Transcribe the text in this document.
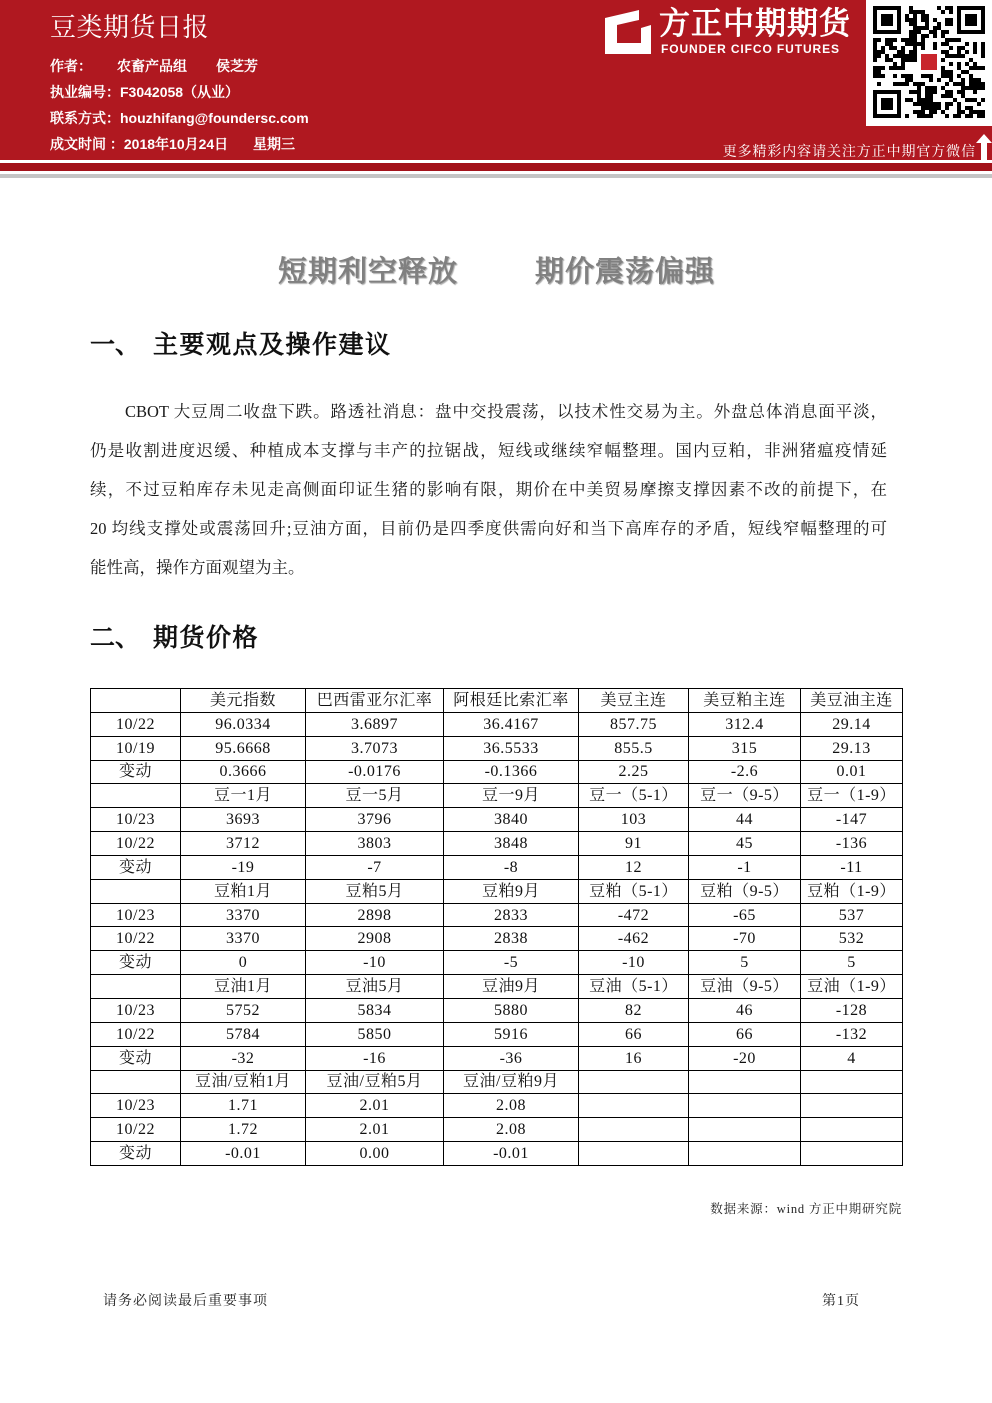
豆类期货日报
作者： 农畜产品组 侯芝芳
执业编号：F3042058（从业）
联系方式：houzhifang@foundersc.com
成文时间 ：2018年10月24日 星期三
方正中期期货
FOUNDER CIFCO FUTURES
更多精彩内容请关注方正中期官方微信
短期利空释放	期价震荡偏强
一、 主要观点及操作建议
CBOT 大豆周二收盘下跌。路透社消息：盘中交投震荡，以技术性交易为主。外盘总体消息面平淡，
仍是收割进度迟缓、种植成本支撑与丰产的拉锯战，短线或继续窄幅整理。国内豆粕，非洲猪瘟疫情延
续，不过豆粕库存未见走高侧面印证生猪的影响有限，期价在中美贸易摩擦支撑因素不改的前提下，在
20 均线支撑处或震荡回升;豆油方面，目前仍是四季度供需向好和当下高库存的矛盾，短线窄幅整理的可
能性高，操作方面观望为主。
二、 期货价格
	美元指数	巴西雷亚尔汇率	阿根廷比索汇率	美豆主连	美豆粕主连	美豆油主连
10/22	96.0334	3.6897	36.4167	857.75	312.4	29.14
10/19	95.6668	3.7073	36.5533	855.5	315	29.13
变动	0.3666	-0.0176	-0.1366	2.25	-2.6	0.01
	豆一1月	豆一5月	豆一9月	豆一（5-1）	豆一（9-5）	豆一（1-9）
10/23	3693	3796	3840	103	44	-147
10/22	3712	3803	3848	91	45	-136
变动	-19	-7	-8	12	-1	-11
	豆粕1月	豆粕5月	豆粕9月	豆粕（5-1）	豆粕（9-5）	豆粕（1-9）
10/23	3370	2898	2833	-472	-65	537
10/22	3370	2908	2838	-462	-70	532
变动	0	-10	-5	-10	5	5
	豆油1月	豆油5月	豆油9月	豆油（5-1）	豆油（9-5）	豆油（1-9）
10/23	5752	5834	5880	82	46	-128
10/22	5784	5850	5916	66	66	-132
变动	-32	-16	-36	16	-20	4
	豆油/豆粕1月	豆油/豆粕5月	豆油/豆粕9月			
10/23	1.71	2.01	2.08			
10/22	1.72	2.01	2.08			
变动	-0.01	0.00	-0.01			
数据来源：wind 方正中期研究院
请务必阅读最后重要事项	第1页
